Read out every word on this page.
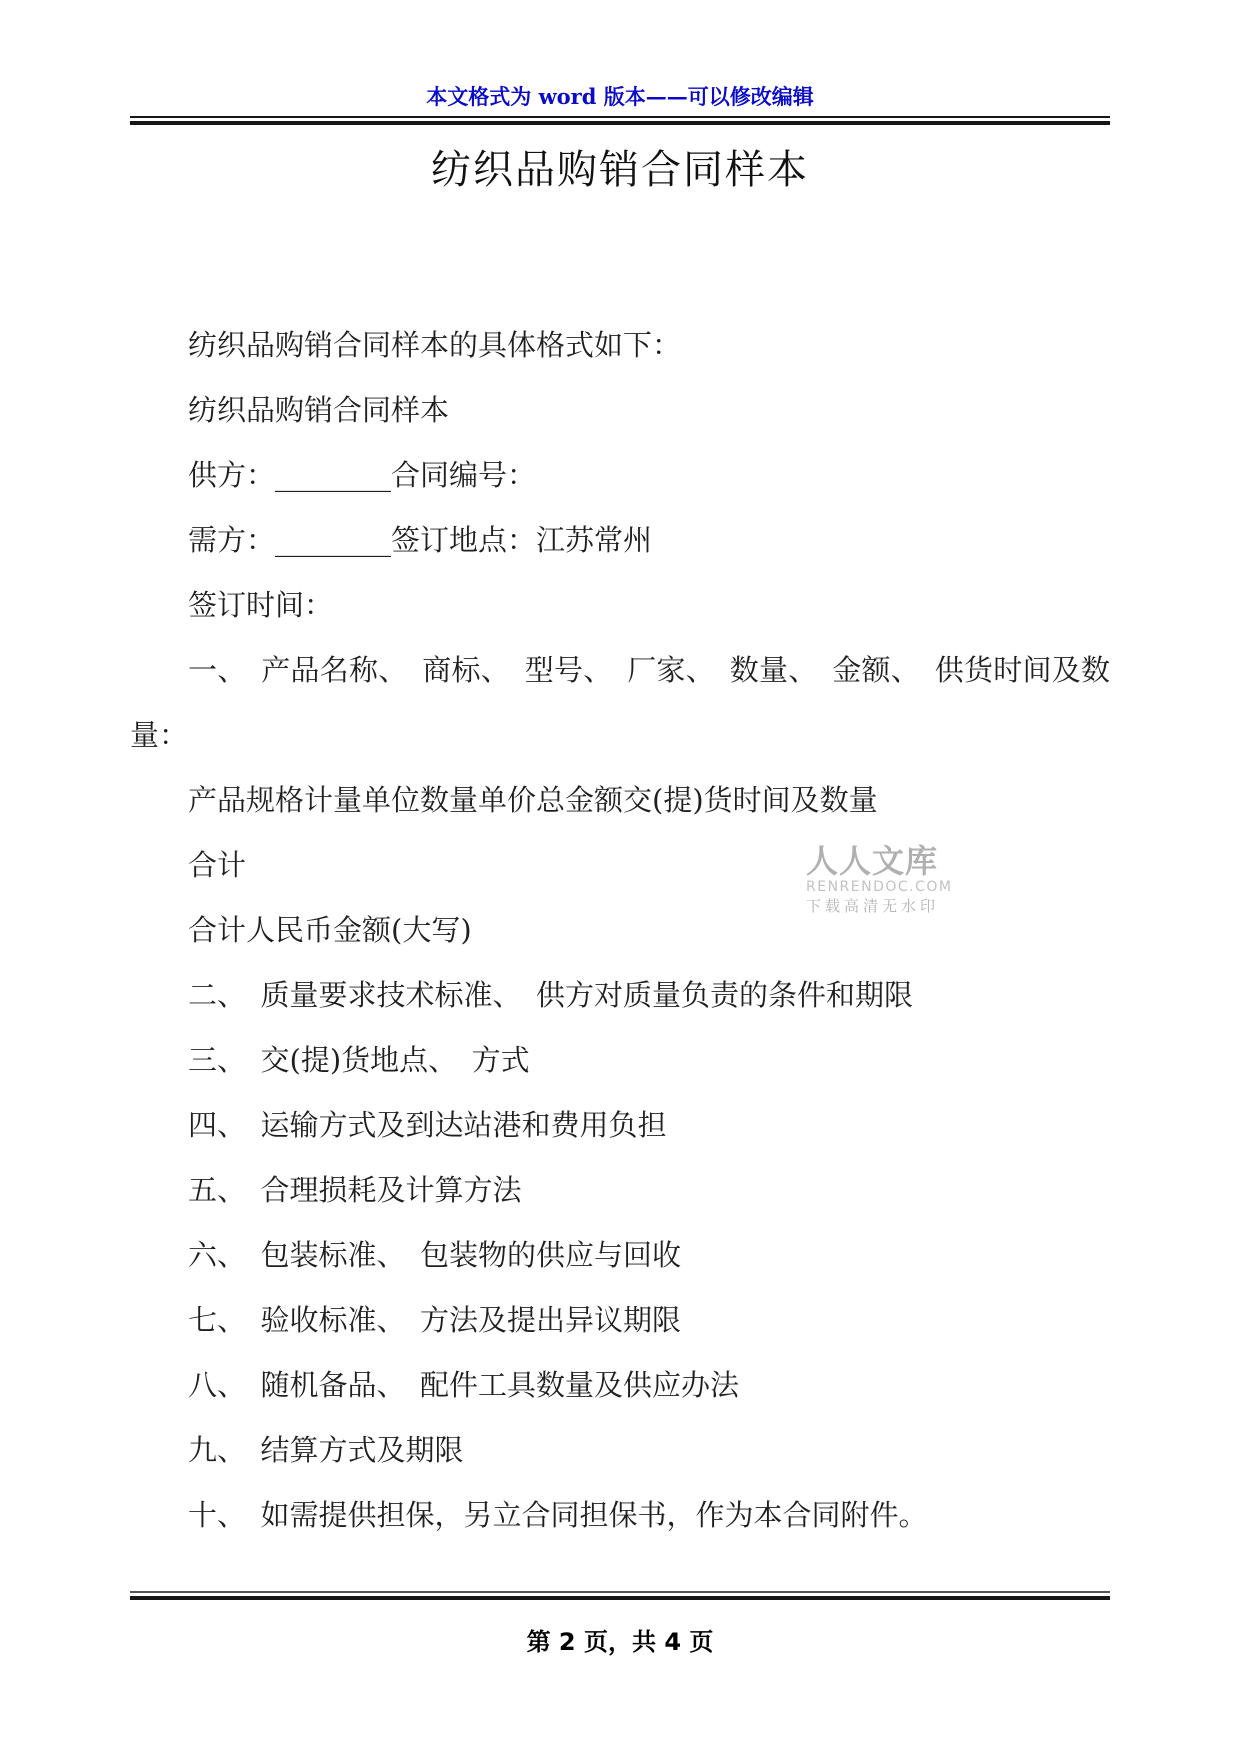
本文格式为 word 版本——可以修改编辑
纺织品购销合同样本

纺织品购销合同样本的具体格式如下：

纺织品购销合同样本

供方：________合同编号：

需方：________签订地点：江苏常州

签订时间：

一、 产品名称、 商标、 型号、 厂家、 数量、 金额、 供货时间及数量：

产品规格计量单位数量单价总金额交(提)货时间及数量

合计

合计人民币金额(大写)

二、 质量要求技术标准、 供方对质量负责的条件和期限

三、 交(提)货地点、 方式

四、 运输方式及到达站港和费用负担

五、 合理损耗及计算方法

六、 包装标准、 包装物的供应与回收

七、 验收标准、 方法及提出异议期限

八、 随机备品、 配件工具数量及供应办法

九、 结算方式及期限

十、 如需提供担保，另立合同担保书，作为本合同附件。

人人文库
RENRENDOC.COM
下载高清无水印
第 2 页，共 4 页
